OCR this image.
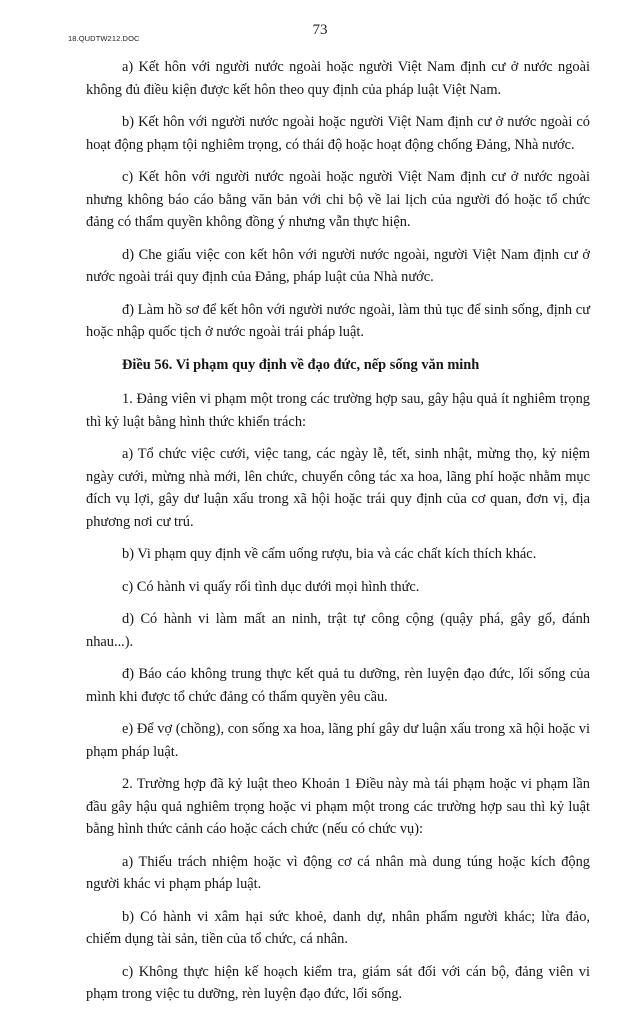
18.QUDTW212.DOC
73

a) Kết hôn với người nước ngoài hoặc người Việt Nam định cư ở nước ngoài không đủ điều kiện được kết hôn theo quy định của pháp luật Việt Nam.

b) Kết hôn với người nước ngoài hoặc người Việt Nam định cư ở nước ngoài có hoạt động phạm tội nghiêm trọng, có thái độ hoặc hoạt động chống Đảng, Nhà nước.

c) Kết hôn với người nước ngoài hoặc người Việt Nam định cư ở nước ngoài nhưng không báo cáo bằng văn bản với chi bộ về lai lịch của người đó hoặc tổ chức đảng có thẩm quyền không đồng ý nhưng vẫn thực hiện.

d) Che giấu việc con kết hôn với người nước ngoài, người Việt Nam định cư ở nước ngoài trái quy định của Đảng, pháp luật của Nhà nước.

đ) Làm hồ sơ để kết hôn với người nước ngoài, làm thủ tục để sinh sống, định cư hoặc nhập quốc tịch ở nước ngoài trái pháp luật.

Điều 56. Vi phạm quy định về đạo đức, nếp sống văn minh

1. Đảng viên vi phạm một trong các trường hợp sau, gây hậu quả ít nghiêm trọng thì kỷ luật bằng hình thức khiển trách:

a) Tổ chức việc cưới, việc tang, các ngày lễ, tết, sinh nhật, mừng thọ, kỷ niệm ngày cưới, mừng nhà mới, lên chức, chuyển công tác xa hoa, lãng phí hoặc nhằm mục đích vụ lợi, gây dư luận xấu trong xã hội hoặc trái quy định của cơ quan, đơn vị, địa phương nơi cư trú.

b) Vi phạm quy định về cấm uống rượu, bia và các chất kích thích khác.

c) Có hành vi quấy rối tình dục dưới mọi hình thức.

d) Có hành vi làm mất an ninh, trật tự công cộng (quậy phá, gây gổ, đánh nhau...).

đ) Báo cáo không trung thực kết quả tu dưỡng, rèn luyện đạo đức, lối sống của mình khi được tổ chức đảng có thẩm quyền yêu cầu.

e) Để vợ (chồng), con sống xa hoa, lãng phí gây dư luận xấu trong xã hội hoặc vi phạm pháp luật.

2. Trường hợp đã kỷ luật theo Khoản 1 Điều này mà tái phạm hoặc vi phạm lần đầu gây hậu quả nghiêm trọng hoặc vi phạm một trong các trường hợp sau thì kỷ luật bằng hình thức cảnh cáo hoặc cách chức (nếu có chức vụ):

a) Thiếu trách nhiệm hoặc vì động cơ cá nhân mà dung túng hoặc kích động người khác vi phạm pháp luật.

b) Có hành vi xâm hại sức khoẻ, danh dự, nhân phẩm người khác; lừa đảo, chiếm dụng tài sản, tiền của tổ chức, cá nhân.

c) Không thực hiện kế hoạch kiểm tra, giám sát đối với cán bộ, đảng viên vi phạm trong việc tu dưỡng, rèn luyện đạo đức, lối sống.
